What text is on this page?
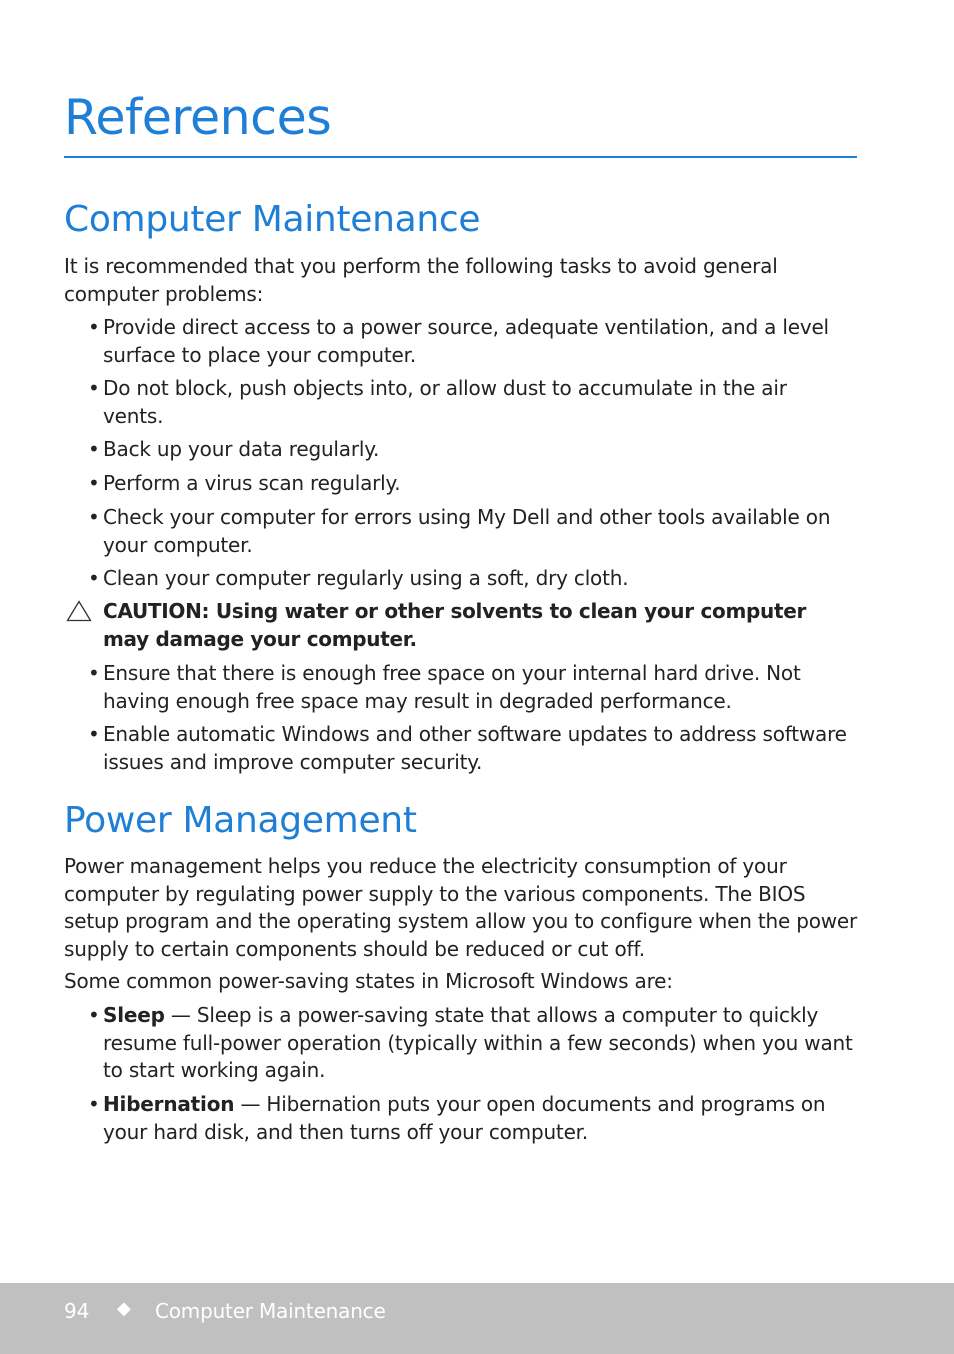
References
Computer Maintenance

It is recommended that you perform the following tasks to avoid general computer problems:

• Provide direct access to a power source, adequate ventilation, and a level surface to place your computer.
• Do not block, push objects into, or allow dust to accumulate in the air vents.
• Back up your data regularly.
• Perform a virus scan regularly.
• Check your computer for errors using My Dell and other tools available on your computer.
• Clean your computer regularly using a soft, dry cloth.
CAUTION: Using water or other solvents to clean your computer may damage your computer.
• Ensure that there is enough free space on your internal hard drive. Not having enough free space may result in degraded performance.
• Enable automatic Windows and other software updates to address software issues and improve computer security.
Power Management

Power management helps you reduce the electricity consumption of your computer by regulating power supply to the various components. The BIOS setup program and the operating system allow you to configure when the power supply to certain components should be reduced or cut off.

Some common power-saving states in Microsoft Windows are:

• Sleep — Sleep is a power-saving state that allows a computer to quickly resume full-power operation (typically within a few seconds) when you want to start working again.
• Hibernation — Hibernation puts your open documents and programs on your hard disk, and then turns off your computer.
94 ◆ Computer Maintenance
